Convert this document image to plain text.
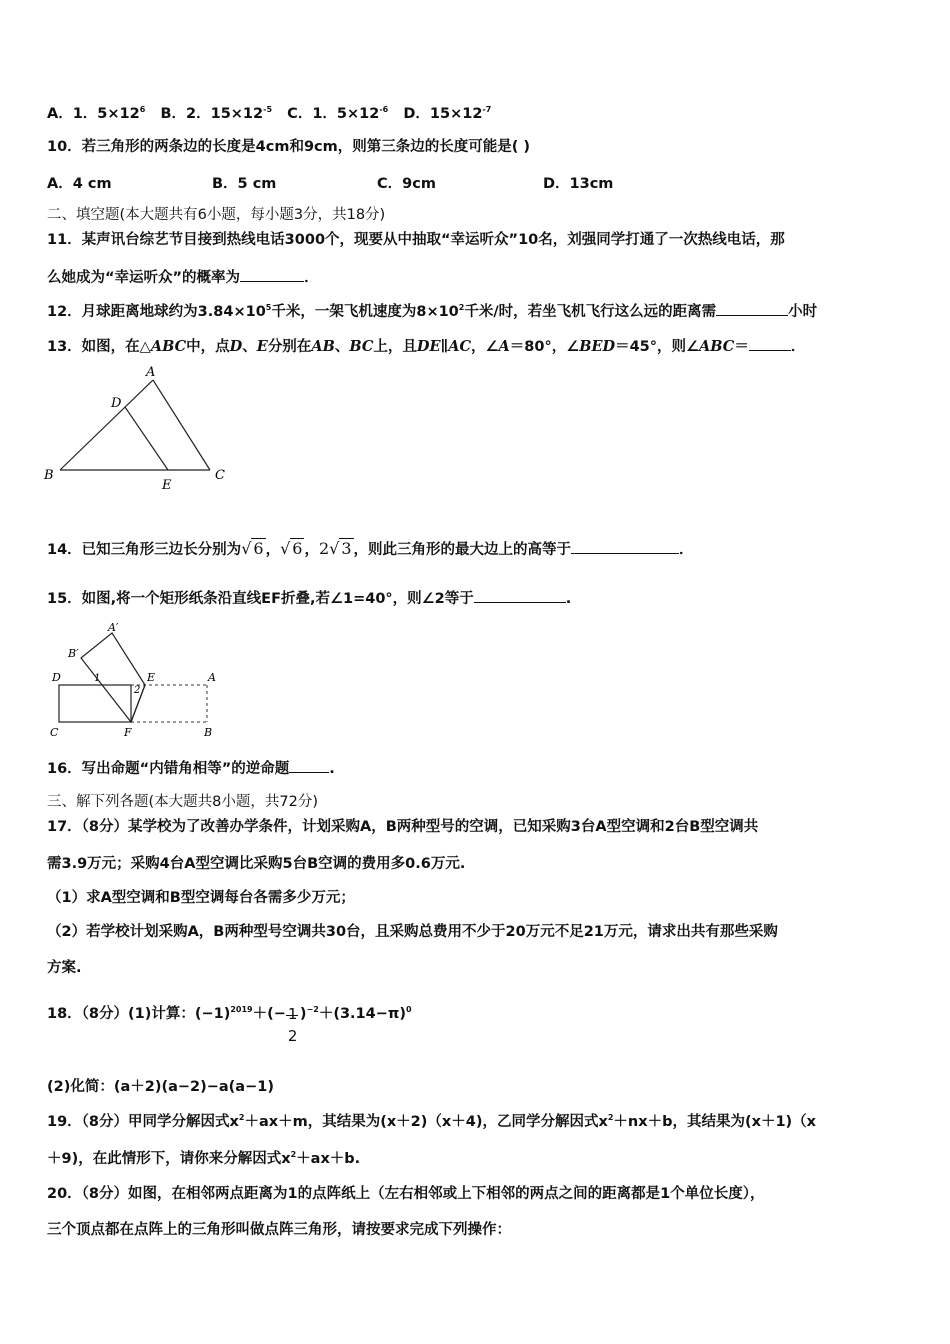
A．1．$5\times 12^6$ B．2．$15\times 12^{-5}$ C．1．$5\times 12^{-6}$ D．$15\times 12^{-7}$
10．若三角形的两条边的长度是4cm和9cm，则第三条边的长度可能是( )
A．4 cm	B．5 cm	C．9cm	D．13cm
二、填空题(本大题共有6小题，每小题3分，共18分)
11．某声讯台综艺节目接到热线电话3000个，现要从中抽取“幸运听众”10名，刘强同学打通了一次热线电话，那
么她成为“幸运听众”的概率为	．
12．月球距离地球约为$3.84\times 10^5$千米，一架飞机速度为$8\times 10^2$千米/时，若坐飞机飞行这么远的距离需	小时
13．如图，在△ABC中，点D、E分别在AB、BC上，且DE∥AC，∠A＝80°，∠BED＝45°，则∠ABC＝	．
A
D
B	C
E
14．已知三角形三边长分别为√ 6 ，√ 6 ，2√ 3 ，则此三角形的最大边上的高等于	．
15．如图,将一个矩形纸条沿直线EF折叠,若∠1=40°，则∠2等于	.
A′
B′
D	1	E
2
A
C	F	B
16．写出命题“内错角相等”的逆命题	.
三、解下列各题(本大题共8小题，共72分)
17．（8分）某学校为了改善办学条件，计划采购A，B两种型号的空调，已知采购3台A型空调和2台B型空调共
需3.9万元；采购4台A型空调比采购5台B空调的费用多0.6万元.
（1）求A型空调和B型空调每台各需多少万元；
（2）若学校计划采购A，B两种型号空调共30台，且采购总费用不少于20万元不足21万元，请求出共有那些采购
方案.
18．（8分）(1)计算：$(-1)^{2019}+(- 1$
2
)$^{-2}+(3.14-\pi)^0$
(2)化简：(a＋2)(a−2)−a(a−1)
19．（8分）甲同学分解因式$x^2+ax+m$，其结果为(x＋2)（x＋4)，乙同学分解因式$x^2+nx+b$，其结果为(x＋1)（x
＋9)，在此情形下，请你来分解因式$x^2+ax+b$.
20．（8分）如图，在相邻两点距离为1的点阵纸上（左右相邻或上下相邻的两点之间的距离都是1个单位长度），
三个顶点都在点阵上的三角形叫做点阵三角形，请按要求完成下列操作：
